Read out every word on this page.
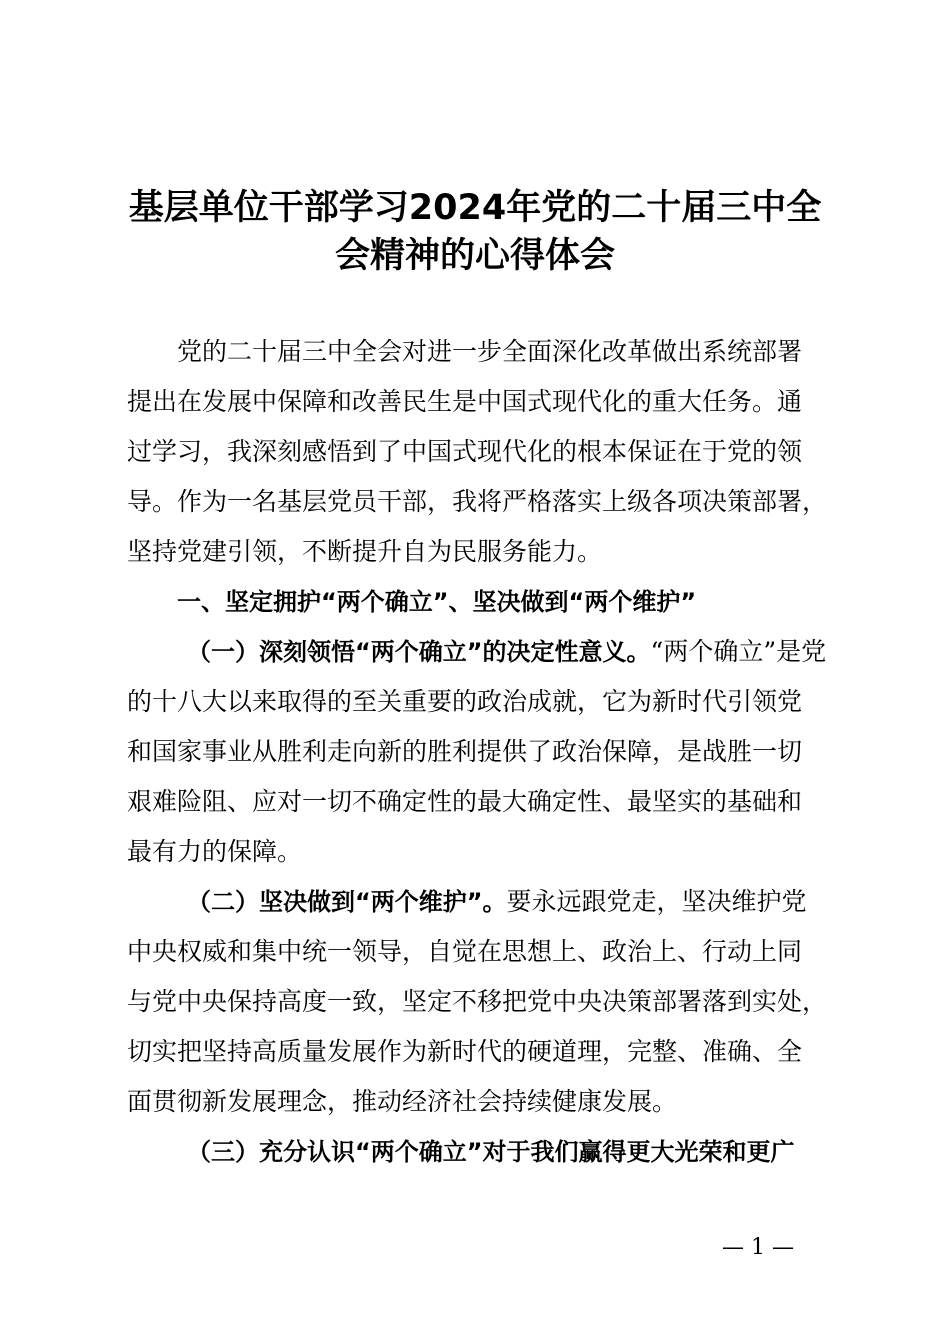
基层单位干部学习2024年党的二十届三中全
会精神的心得体会

党的二十届三中全会对进一步全面深化改革做出系统部署

提出在发展中保障和改善民生是中国式现代化的重大任务。通

过学习，我深刻感悟到了中国式现代化的根本保证在于党的领

导。作为一名基层党员干部，我将严格落实上级各项决策部署，

坚持党建引领，不断提升自为民服务能力。

一、坚定拥护“两个确立”、坚决做到“两个维护”

（一）深刻领悟“两个确立”的决定性意义。“两个确立”是党

的十八大以来取得的至关重要的政治成就，它为新时代引领党

和国家事业从胜利走向新的胜利提供了政治保障，是战胜一切

艰难险阻、应对一切不确定性的最大确定性、最坚实的基础和

最有力的保障。

（二）坚决做到“两个维护”。要永远跟党走，坚决维护党

中央权威和集中统一领导，自觉在思想上、政治上、行动上同

与党中央保持高度一致，坚定不移把党中央决策部署落到实处，

切实把坚持高质量发展作为新时代的硬道理，完整、准确、全

面贯彻新发展理念，推动经济社会持续健康发展。

（三）充分认识“两个确立”对于我们赢得更大光荣和更广

— 1 —
